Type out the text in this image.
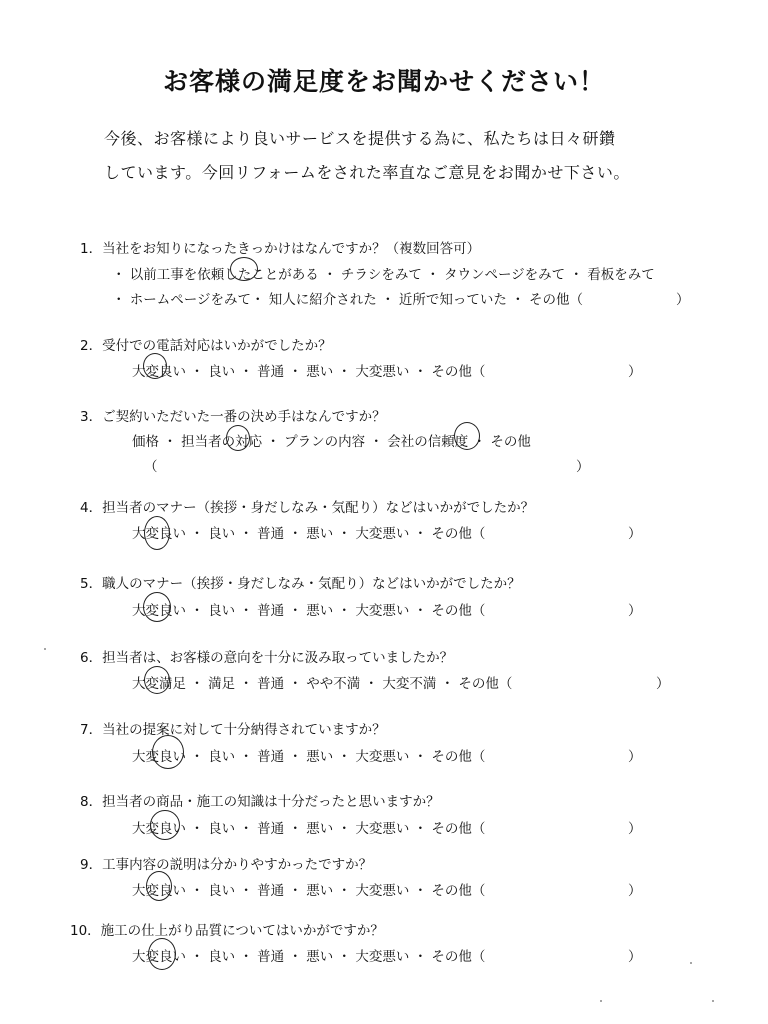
お客様の満足度をお聞かせください！
今後、お客様により良いサービスを提供する為に、私たちは日々研鑽
しています。今回リフォームをされた率直なご意見をお聞かせ下さい。
1．当社をお知りになったきっかけはなんですか？（複数回答可）
・ 以前工事を依頼したことがある ・ チラシをみて ・ タウンページをみて ・ 看板をみて
・ ホームページをみて・ 知人に紹介された ・ 近所で知っていた ・ その他（	）
2．受付での電話対応はいかがでしたか？
大変良い ・ 良い ・ 普通 ・ 悪い ・ 大変悪い ・ その他（	）
3．ご契約いただいた一番の決め手はなんですか？
価格 ・ 担当者の対応 ・ プランの内容 ・ 会社の信頼度 ・ その他
（	）
4．担当者のマナー（挨拶・身だしなみ・気配り）などはいかがでしたか？
大変良い ・ 良い ・ 普通 ・ 悪い ・ 大変悪い ・ その他（	）
5．職人のマナー（挨拶・身だしなみ・気配り）などはいかがでしたか？
大変良い ・ 良い ・ 普通 ・ 悪い ・ 大変悪い ・ その他（	）
6．担当者は、お客様の意向を十分に汲み取っていましたか？
大変満足 ・ 満足 ・ 普通 ・ やや不満 ・ 大変不満 ・ その他（	）
7．当社の提案に対して十分納得されていますか？
大変良い ・ 良い ・ 普通 ・ 悪い ・ 大変悪い ・ その他（	）
8．担当者の商品・施工の知識は十分だったと思いますか？
大変良い ・ 良い ・ 普通 ・ 悪い ・ 大変悪い ・ その他（	）
9．工事内容の説明は分かりやすかったですか？
大変良い ・ 良い ・ 普通 ・ 悪い ・ 大変悪い ・ その他（	）
10．施工の仕上がり品質についてはいかがですか？
大変良い ・ 良い ・ 普通 ・ 悪い ・ 大変悪い ・ その他（	）
